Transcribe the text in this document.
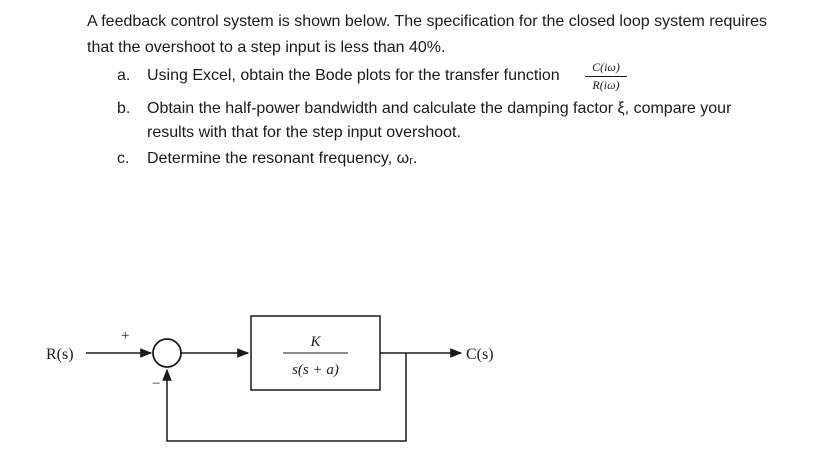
A feedback control system is shown below. The specification for the closed loop system requires
that the overshoot to a step input is less than 40%.
a. Using Excel, obtain the Bode plots for the transfer function	C(iω)
R(iω)
b. Obtain the half-power bandwidth and calculate the damping factor ξ, compare your
results with that for the step input overshoot.
c. Determine the resonant frequency, ωᵣ.
R(s)
+
−
K
s(s + a)
C(s)
